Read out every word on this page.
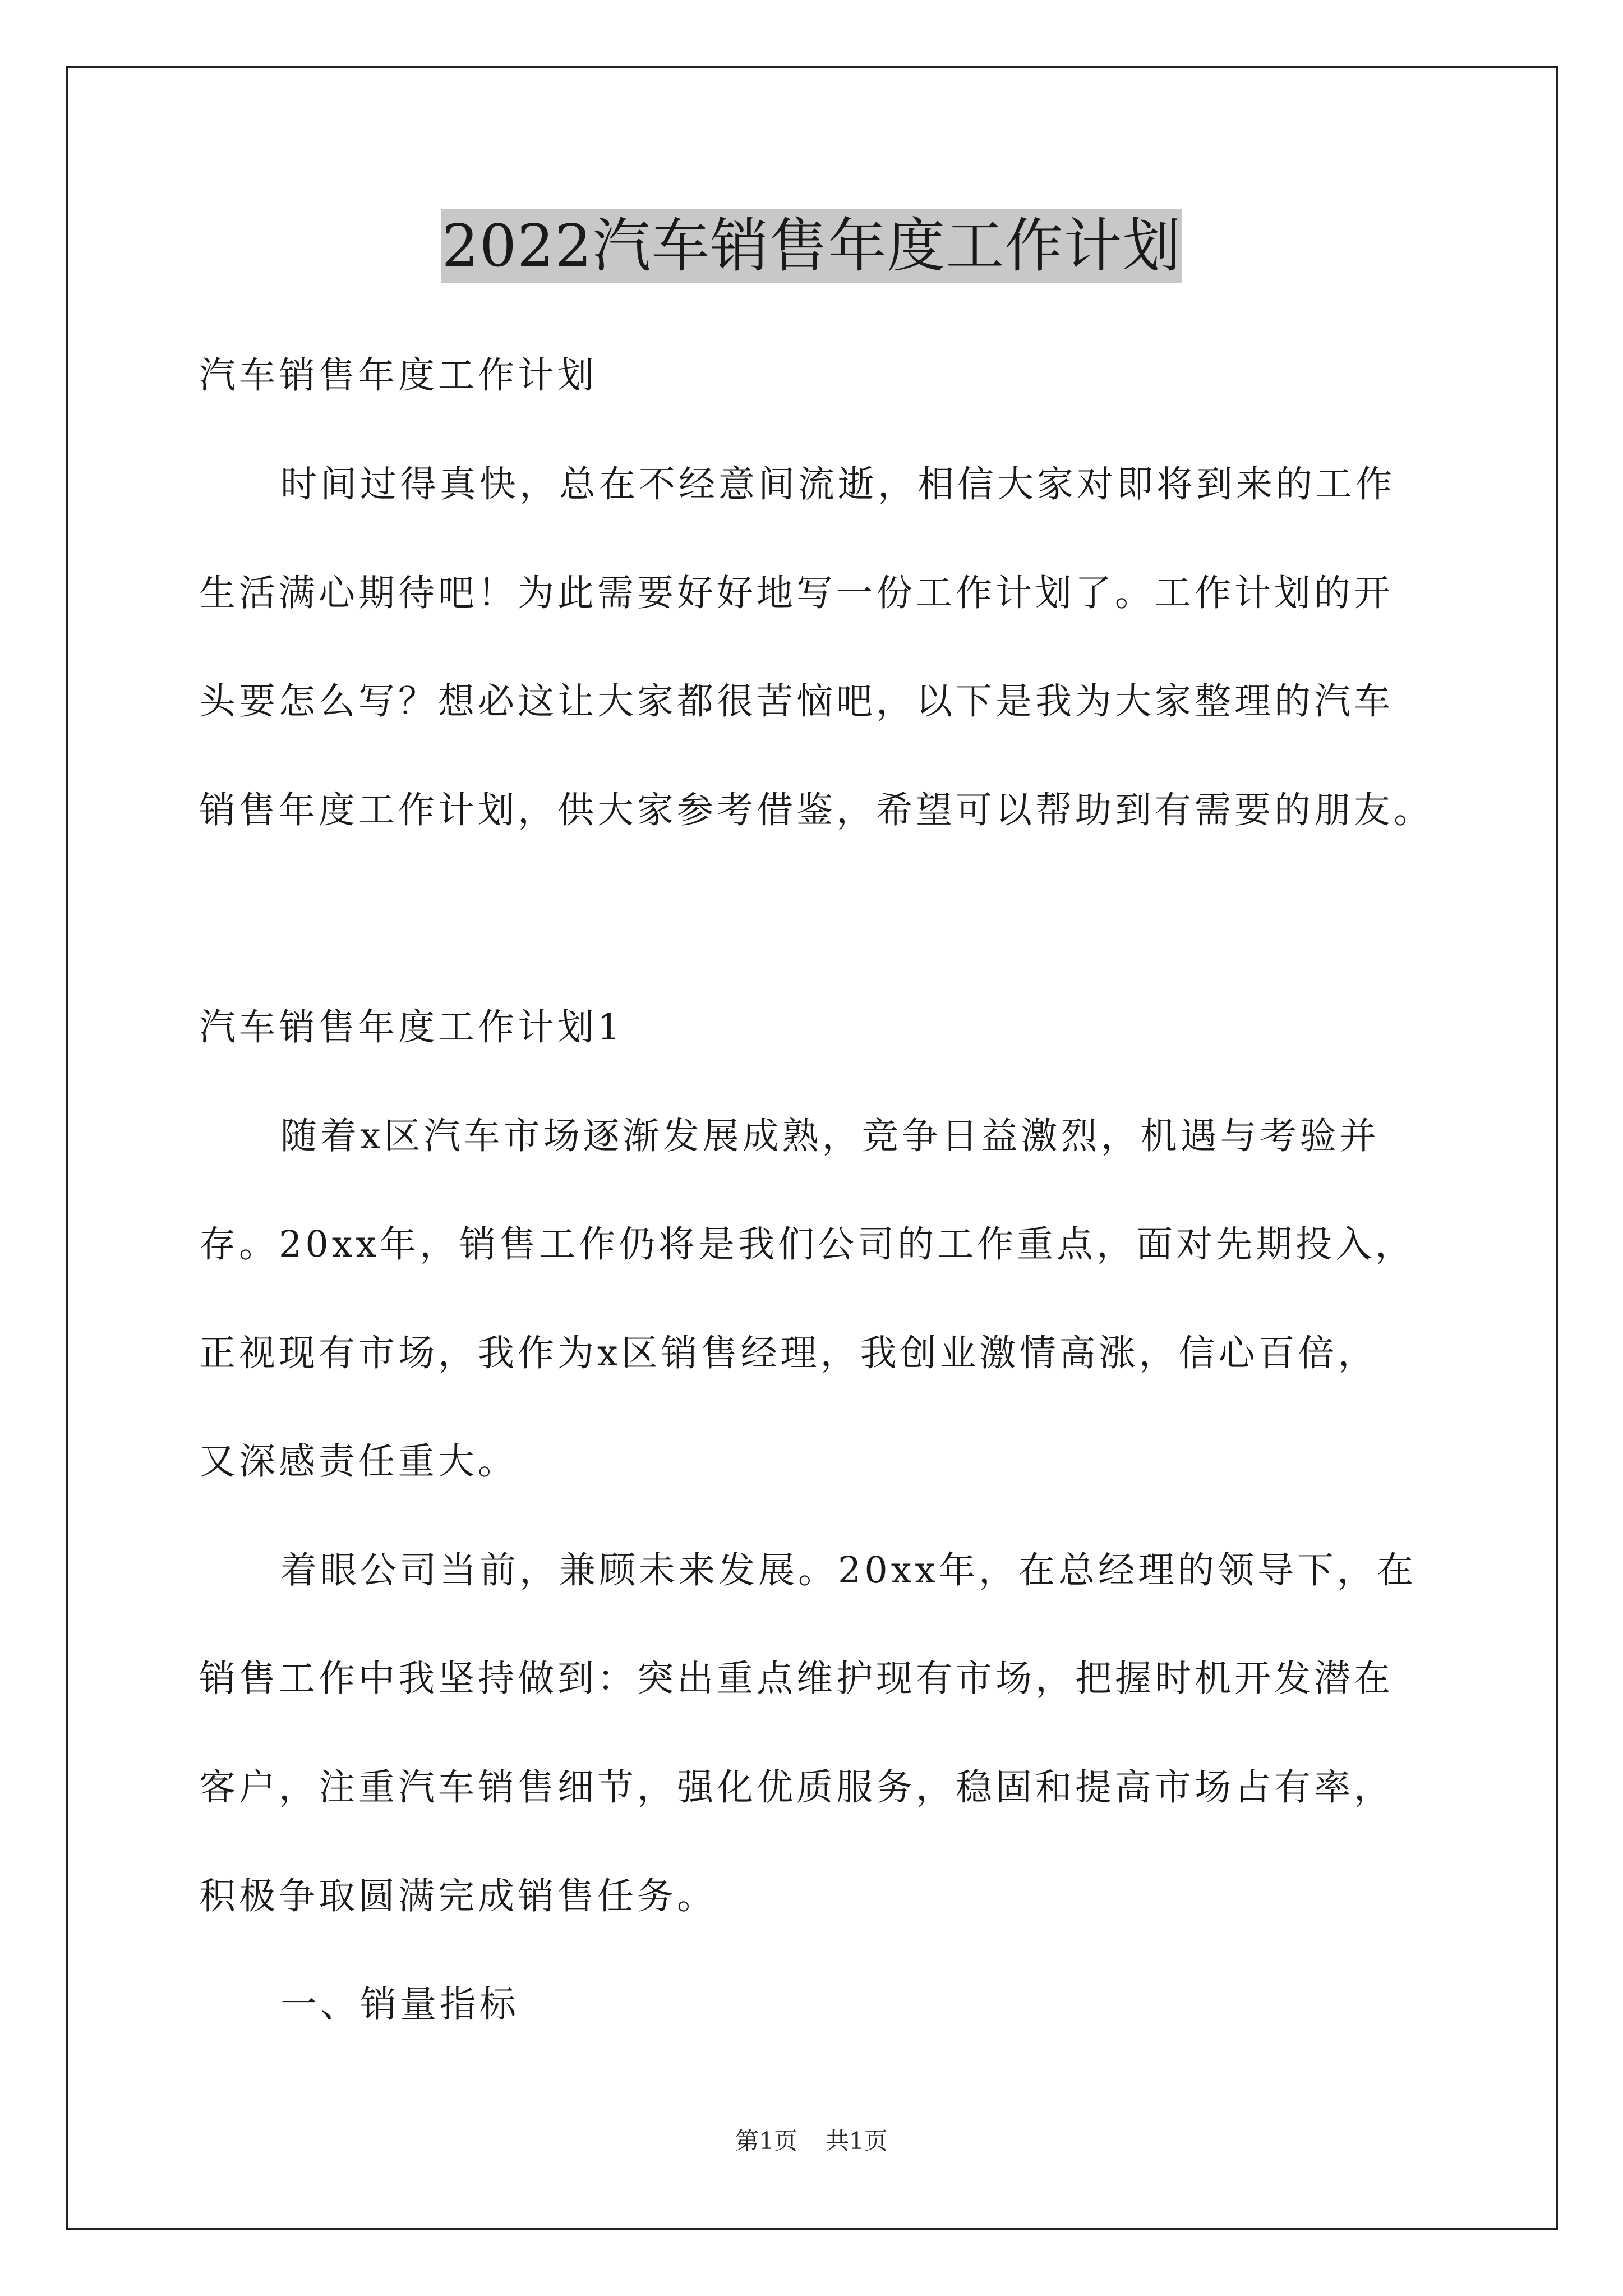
2022汽车销售年度工作计划
汽车销售年度工作计划
时间过得真快，总在不经意间流逝，相信大家对即将到来的工作
生活满心期待吧！为此需要好好地写一份工作计划了。工作计划的开
头要怎么写？想必这让大家都很苦恼吧，以下是我为大家整理的汽车
销售年度工作计划，供大家参考借鉴，希望可以帮助到有需要的朋友。
汽车销售年度工作计划1
随着x区汽车市场逐渐发展成熟，竞争日益激烈，机遇与考验并
存。20xx年，销售工作仍将是我们公司的工作重点，面对先期投入，
正视现有市场，我作为x区销售经理，我创业激情高涨，信心百倍，
又深感责任重大。
着眼公司当前，兼顾未来发展。20xx年，在总经理的领导下，在
销售工作中我坚持做到：突出重点维护现有市场，把握时机开发潜在
客户，注重汽车销售细节，强化优质服务，稳固和提高市场占有率，
积极争取圆满完成销售任务。
一、销量指标
第1页 共1页
